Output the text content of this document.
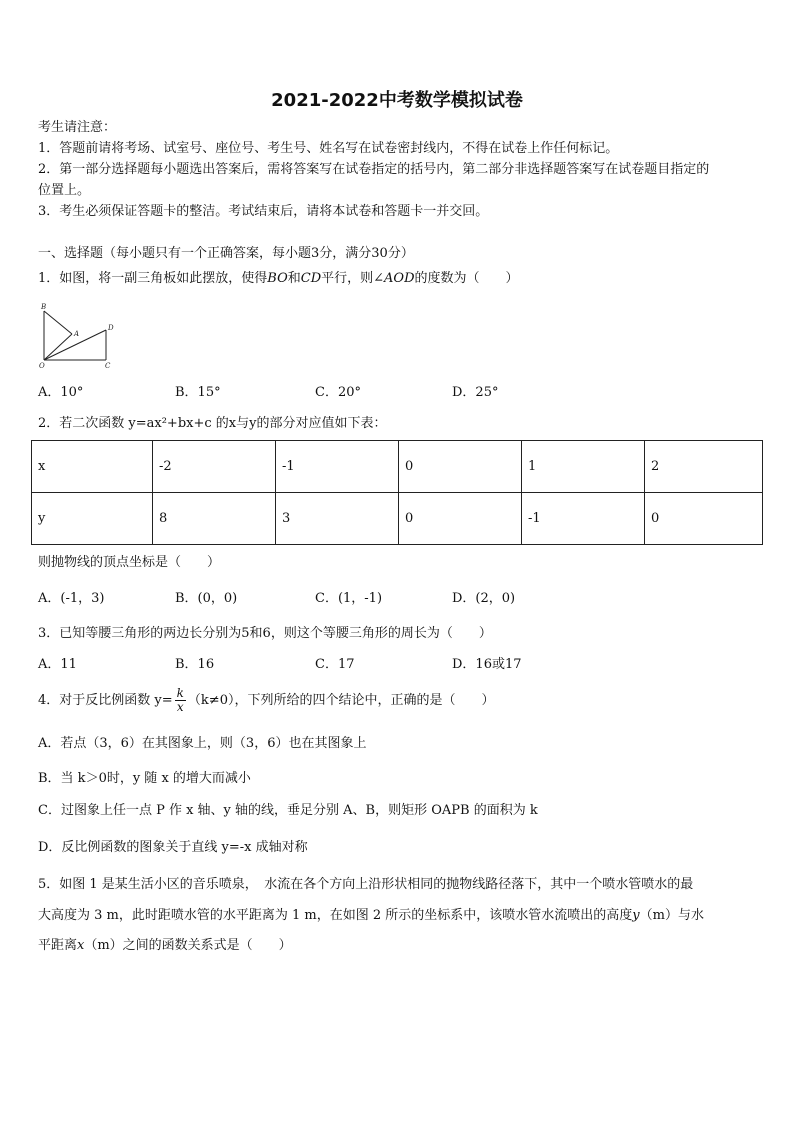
2021-2022中考数学模拟试卷
考生请注意：
1．答题前请将考场、试室号、座位号、考生号、姓名写在试卷密封线内，不得在试卷上作任何标记。
2．第一部分选择题每小题选出答案后，需将答案写在试卷指定的括号内，第二部分非选择题答案写在试卷题目指定的
位置上。
3．考生必须保证答题卡的整洁。考试结束后，请将本试卷和答题卡一并交回。
一、选择题（每小题只有一个正确答案，每小题3分，满分30分）
1．如图，将一副三角板如此摆放，使得BO和CD平行，则∠AOD的度数为（　　）
B
A
D
O	C
A．10°	B．15°	C．20°	D．25°
2．若二次函数 y=ax²+bx+c 的x与y的部分对应值如下表：
x	-2	-1	0	1	2
y	8	3	0	-1	0
则抛物线的顶点坐标是（　　）
A．(-1，3)	B．(0，0)	C．(1，-1)	D．(2，0)
3．已知等腰三角形的两边长分别为5和6，则这个等腰三角形的周长为（　　）
A．11	B．16	C．17	D．16或17
4．对于反比例函数 $y= \frac{k}{x} (k\ne 0)$，下列所给的四个结论中，正确的是（　　）
A．若点（3，6）在其图象上，则（3，6）也在其图象上
B．当 k＞0时，y 随 x 的增大而减小
C．过图象上任一点 P 作 x 轴、y 轴的线，垂足分别 A、B，则矩形 OAPB 的面积为 k
D．反比例函数的图象关于直线 y=-x 成轴对称
5．如图 1 是某生活小区的音乐喷泉，　水流在各个方向上沿形状相同的抛物线路径落下，其中一个喷水管喷水的最
大高度为 3 m，此时距喷水管的水平距离为 1 m，在如图 2 所示的坐标系中，该喷水管水流喷出的高度y（m）与水
平距离x（m）之间的函数关系式是（　　）
